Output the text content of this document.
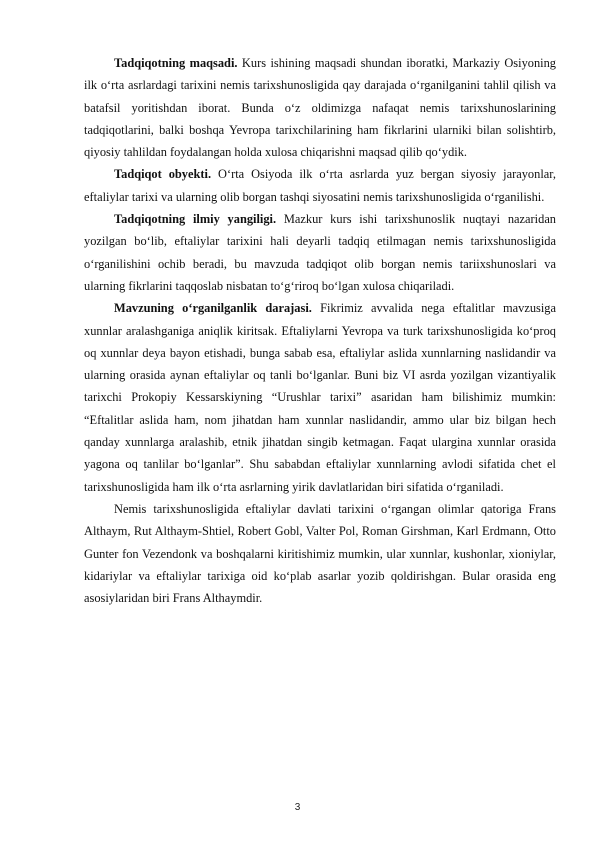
Tadqiqotning maqsadi. Kurs ishining maqsadi shundan iboratki, Markaziy Osiyoning ilk o‘rta asrlardagi tarixini nemis tarixshunosligida qay darajada o‘rganilganini tahlil qilish va batafsil yoritishdan iborat. Bunda o‘z oldimizga nafaqat nemis tarixshunoslarining tadqiqotlarini, balki boshqa Yevropa tarixchilarining ham fikrlarini ularniki bilan solishtirb, qiyosiy tahlildan foydalangan holda xulosa chiqarishni maqsad qilib qo‘ydik.

Tadqiqot obyekti. O‘rta Osiyoda ilk o‘rta asrlarda yuz bergan siyosiy jarayonlar, eftaliylar tarixi va ularning olib borgan tashqi siyosatini nemis tarixshunosligida o‘rganilishi.

Tadqiqotning ilmiy yangiligi. Mazkur kurs ishi tarixshunoslik nuqtayi nazaridan yozilgan bo‘lib, eftaliylar tarixini hali deyarli tadqiq etilmagan nemis tarixshunosligida o‘rganilishini ochib beradi, bu mavzuda tadqiqot olib borgan nemis tariixshunoslari va ularning fikrlarini taqqoslab nisbatan to‘g‘riroq bo‘lgan xulosa chiqariladi.

Mavzuning o‘rganilganlik darajasi. Fikrimiz avvalida nega eftalitlar mavzusiga xunnlar aralashganiga aniqlik kiritsak. Eftaliylarni Yevropa va turk tarixshunosligida ko‘proq oq xunnlar deya bayon etishadi, bunga sabab esa, eftaliylar aslida xunnlarning naslidandir va ularning orasida aynan eftaliylar oq tanli bo‘lganlar. Buni biz VI asrda yozilgan vizantiyalik tarixchi Prokopiy Kessarskiyning “Urushlar tarixi” asaridan ham bilishimiz mumkin: “Eftalitlar aslida ham, nom jihatdan ham xunnlar naslidandir, ammo ular biz bilgan hech qanday xunnlarga aralashib, etnik jihatdan singib ketmagan. Faqat ulargina xunnlar orasida yagona oq tanlilar bo‘lganlar”. Shu sababdan eftaliylar xunnlarning avlodi sifatida chet el tarixshunosligida ham ilk o‘rta asrlarning yirik davlatlaridan biri sifatida o‘rganiladi.

Nemis tarixshunosligida eftaliylar davlati tarixini o‘rgangan olimlar qatoriga Frans Althaym, Rut Althaym-Shtiel, Robert Gobl, Valter Pol, Roman Girshman, Karl Erdmann, Otto Gunter fon Vezendonk va boshqalarni kiritishimiz mumkin, ular xunnlar, kushonlar, xioniylar, kidariylar va eftaliylar tarixiga oid ko‘plab asarlar yozib qoldirishgan. Bular orasida eng asosiylaridan biri Frans Althaymdir.

3
